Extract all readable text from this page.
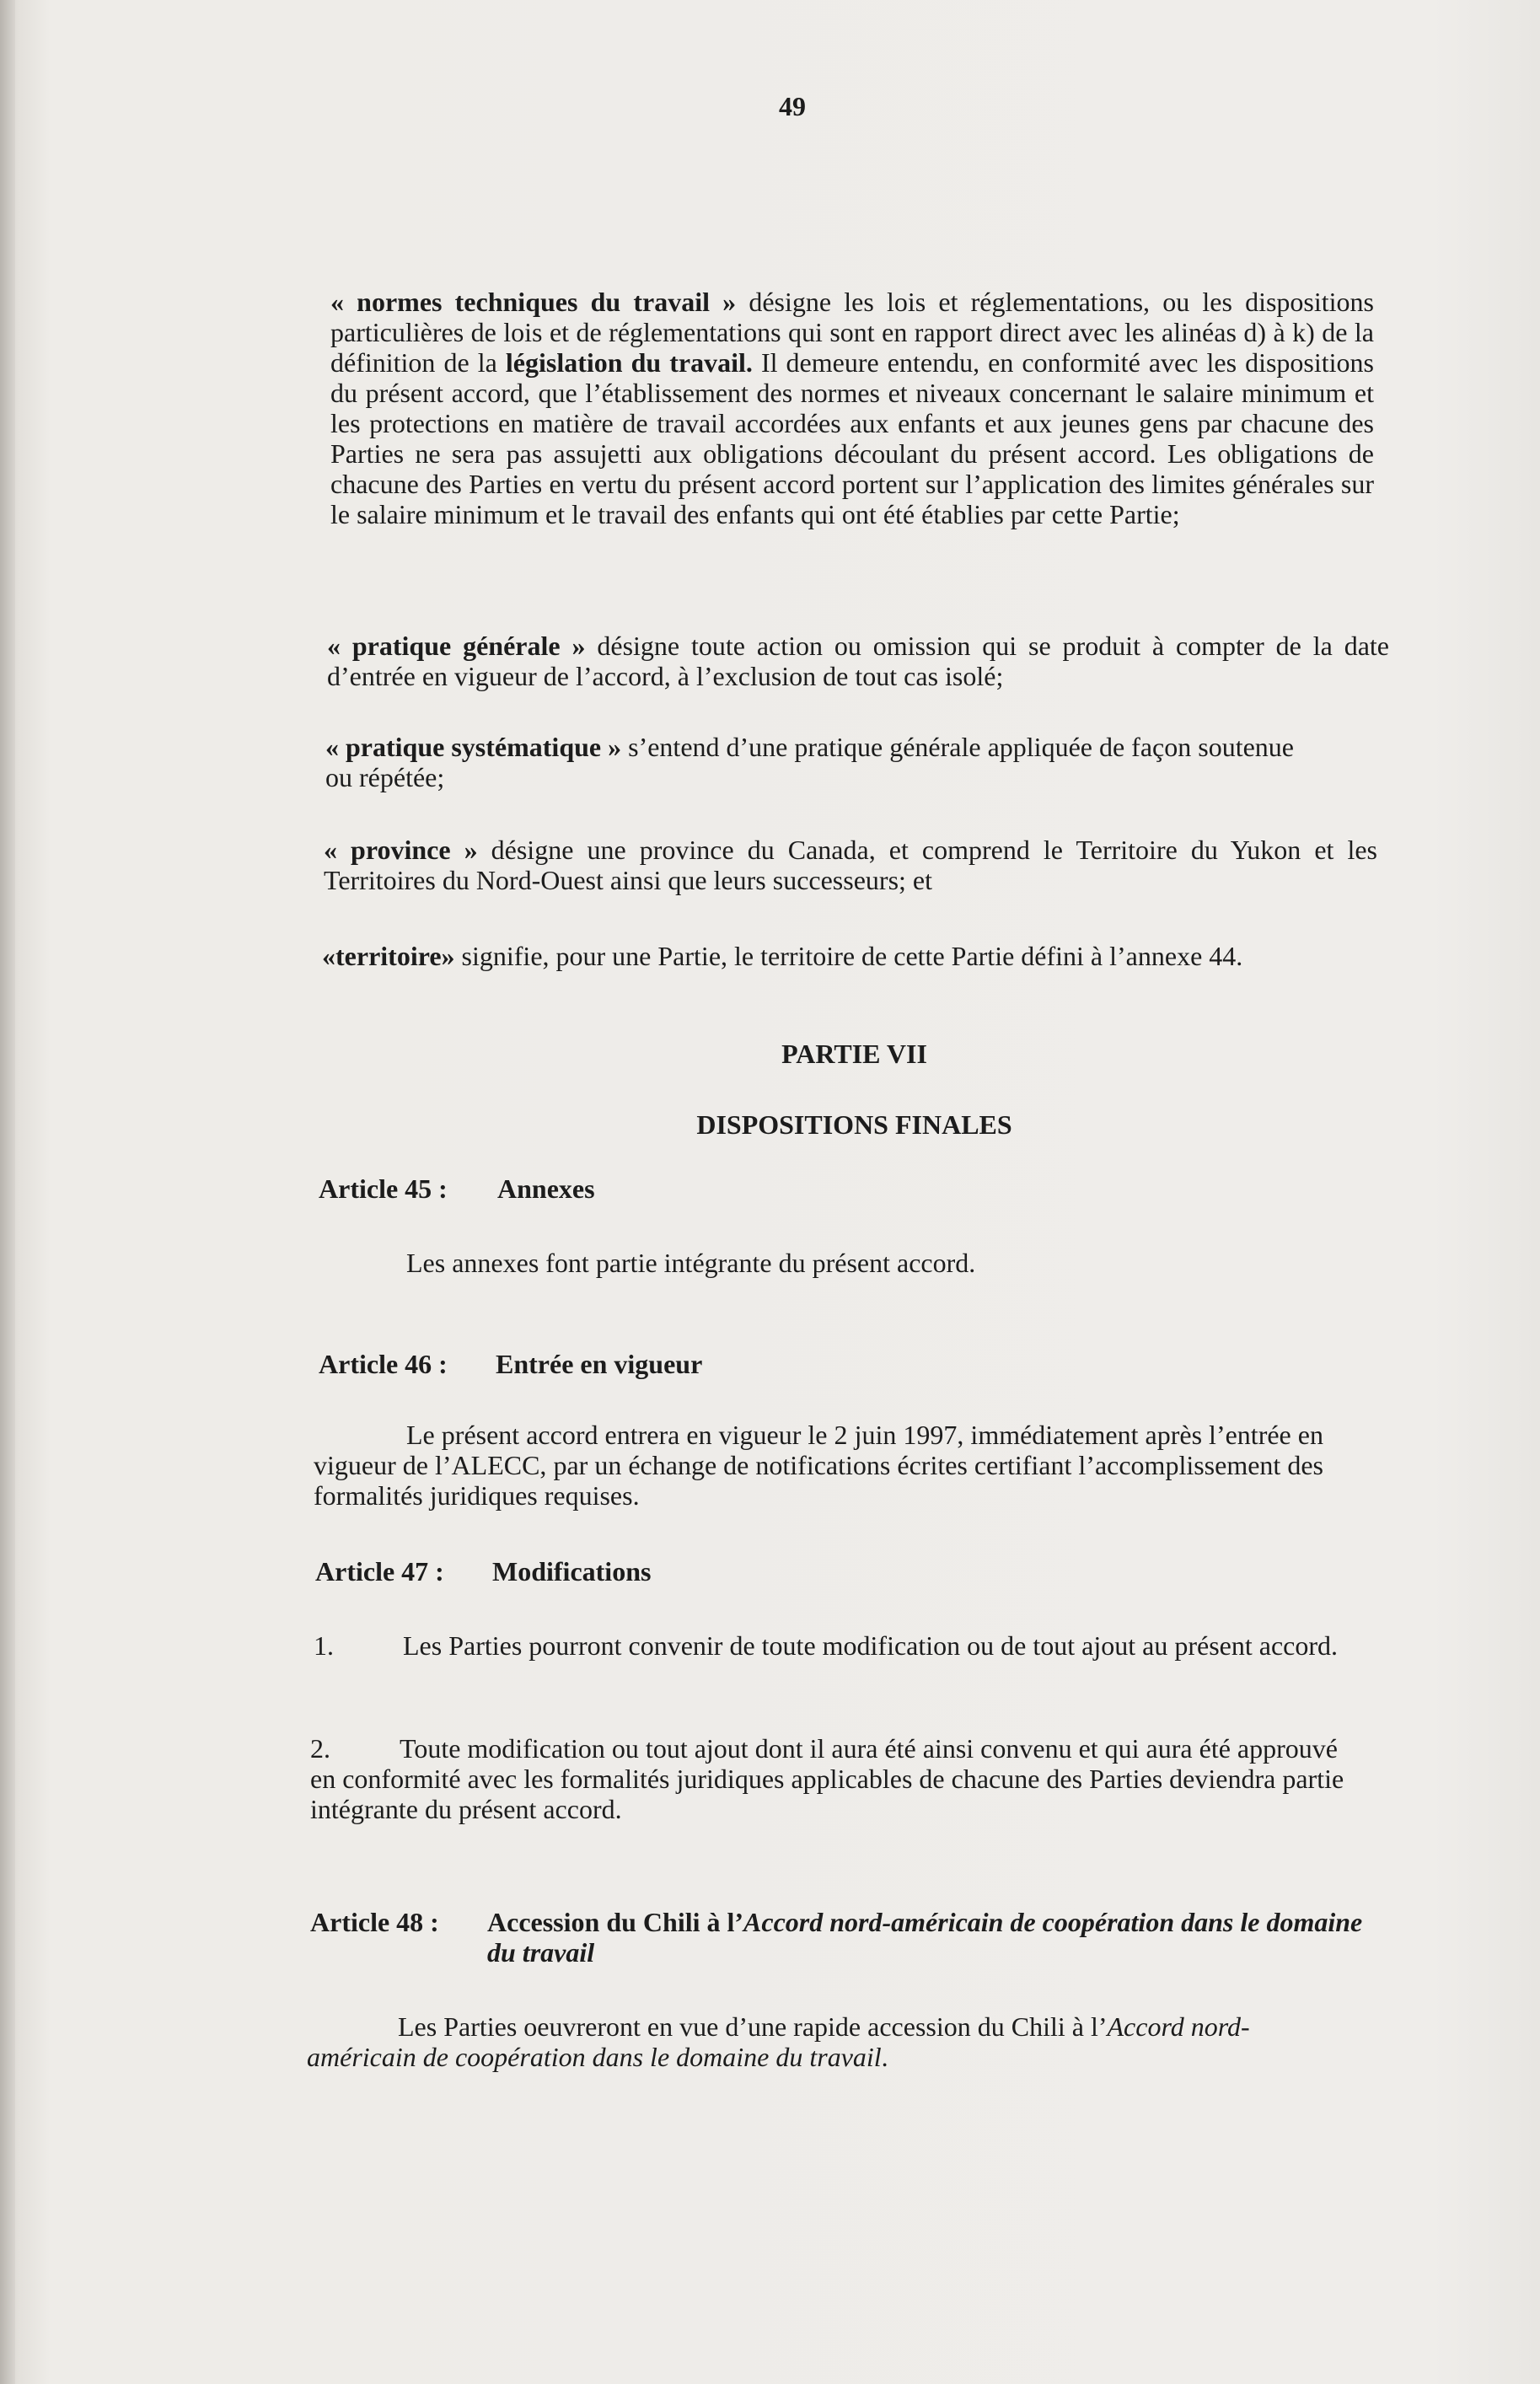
49

« normes techniques du travail » désigne les lois et réglementations, ou les dispositions particulières de lois et de réglementations qui sont en rapport direct avec les alinéas d) à k) de la définition de la législation du travail. Il demeure entendu, en conformité avec les dispositions du présent accord, que l’établissement des normes et niveaux concernant le salaire minimum et les protections en matière de travail accordées aux enfants et aux jeunes gens par chacune des Parties ne sera pas assujetti aux obligations découlant du présent accord. Les obligations de chacune des Parties en vertu du présent accord portent sur l’application des limites générales sur le salaire minimum et le travail des enfants qui ont été établies par cette Partie;

« pratique générale » désigne toute action ou omission qui se produit à compter de la date d’entrée en vigueur de l’accord, à l’exclusion de tout cas isolé;

« pratique systématique » s’entend d’une pratique générale appliquée de façon soutenue ou répétée;

« province » désigne une province du Canada, et comprend le Territoire du Yukon et les Territoires du Nord-Ouest ainsi que leurs successeurs; et

«territoire» signifie, pour une Partie, le territoire de cette Partie défini à l’annexe 44.

PARTIE VII
DISPOSITIONS FINALES
Article 45 : Annexes

Les annexes font partie intégrante du présent accord.

Article 46 : Entrée en vigueur

Le présent accord entrera en vigueur le 2 juin 1997, immédiatement après l’entrée en vigueur de l’ALECC, par un échange de notifications écrites certifiant l’accomplissement des formalités juridiques requises.

Article 47 : Modifications

1.	Les Parties pourront convenir de toute modification ou de tout ajout au présent accord.

2.	Toute modification ou tout ajout dont il aura été ainsi convenu et qui aura été approuvé en conformité avec les formalités juridiques applicables de chacune des Parties deviendra partie intégrante du présent accord.

Article 48 : Accession du Chili à l’Accord nord-américain de coopération dans le domaine du travail

Les Parties oeuvreront en vue d’une rapide accession du Chili à l’Accord nord-américain de coopération dans le domaine du travail.
